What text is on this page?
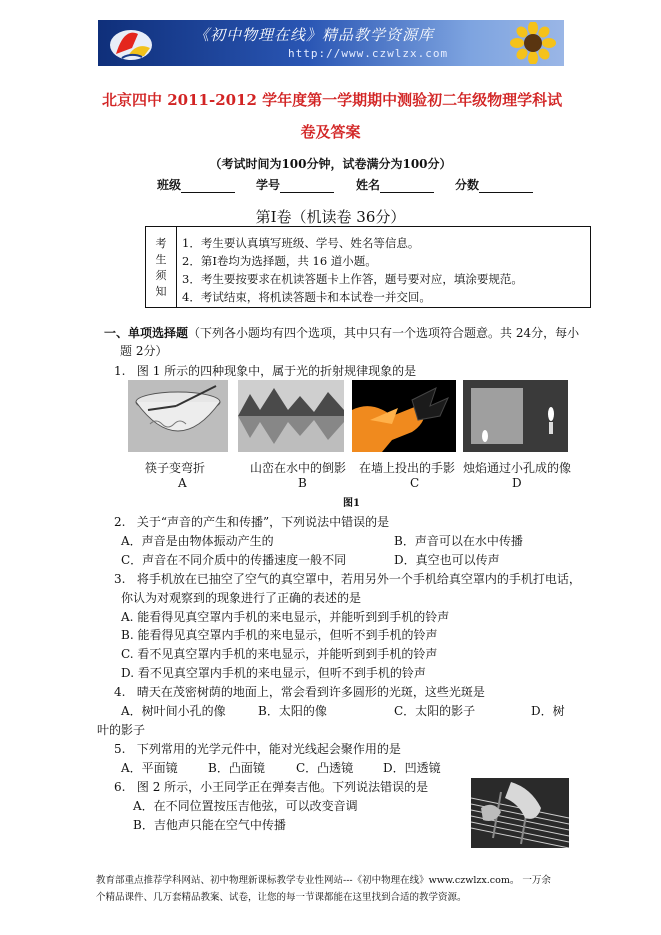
《初中物理在线》精品教学资源库
http://www.czwlzx.com
北京四中 2011-2012 学年度第一学期期中测验初二年级物理学科试
卷及答案
（考试时间为100分钟，试卷满分为100分）
班级	学号	姓名	分数
第Ⅰ卷（机读卷 36分）
考
生
须
知
1．考生要认真填写班级、学号、姓名等信息。
2．第Ⅰ卷均为选择题，共 16 道小题。
3．考生要按要求在机读答题卡上作答，题号要对应，填涂要规范。
4．考试结束，将机读答题卡和本试卷一并交回。
一、单项选择题（下列各小题均有四个选项，其中只有一个选项符合题意。共 24分，每小
题 2分）
1. 图 1 所示的四种现象中，属于光的折射规律现象的是
筷子变弯折	山峦在水中的倒影 在墙上投出的手影 烛焰通过小孔成的像
A	B	C	D
图1
2. 关于“声音的产生和传播”，下列说法中错误的是
A．声音是由物体振动产生的	B．声音可以在水中传播
C．声音在不同介质中的传播速度一般不同	D．真空也可以传声
3. 将手机放在已抽空了空气的真空罩中，若用另外一个手机给真空罩内的手机打电话，
你认为对观察到的现象进行了正确的表述的是
A. 能看得见真空罩内手机的来电显示，并能听到到手机的铃声
B. 能看得见真空罩内手机的来电显示，但听不到手机的铃声
C. 看不见真空罩内手机的来电显示，并能听到到手机的铃声
D. 看不见真空罩内手机的来电显示，但听不到手机的铃声
4. 晴天在茂密树荫的地面上，常会看到许多圆形的光斑，这些光斑是
A．树叶间小孔的像	B．太阳的像	C．太阳的影子	D．树
叶的影子
5. 下列常用的光学元件中，能对光线起会聚作用的是
A．平面镜	B．凸面镜	C．凸透镜 D．凹透镜
6. 图 2 所示，小王同学正在弹奏吉他。下列说法错误的是
A．在不同位置按压吉他弦，可以改变音调
B．吉他声只能在空气中传播
教育部重点推荐学科网站、初中物理新课标教学专业性网站---《初中物理在线》www.czwlzx.com。 一万余
个精品课件、几万套精品教案、试卷，让您的每一节课都能在这里找到合适的教学资源。
